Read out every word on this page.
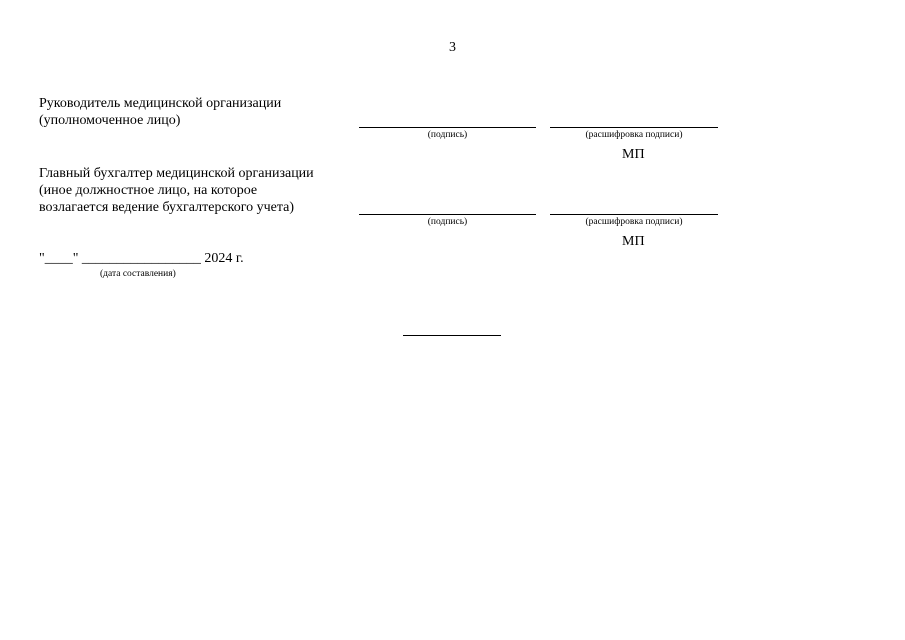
3
Руководитель медицинской организации
(уполномоченное лицо)
(подпись)	(расшифровка подписи)
МП
Главный бухгалтер медицинской организации
(иное должностное лицо, на которое
возлагается ведение бухгалтерского учета)
(подпись)	(расшифровка подписи)
МП
"____" _________________ 2024 г.
(дата составления)
